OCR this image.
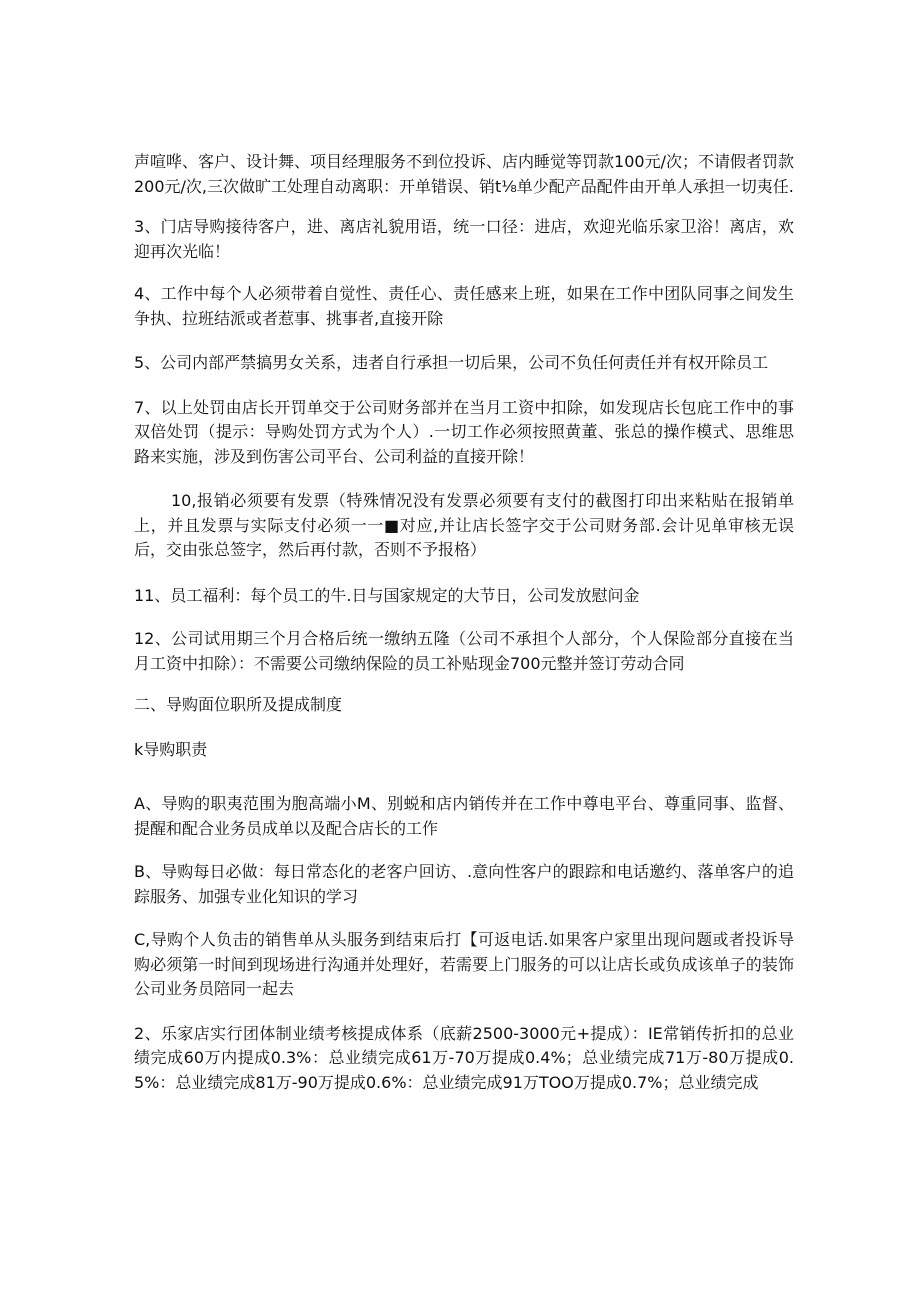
声喧哗、客户、设计舞、项目经理服务不到位投诉、店内睡觉等罚款100元/次；不请假者罚款200元/次,三次做旷工处理自动离职：开单错误、销t⅛单少配产品配件由开单人承担一切夷任.

3、门店导购接待客户，进、离店礼貌用语，统一口径：进店，欢迎光临乐家卫浴！离店，欢迎再次光临！

4、工作中每个人必须带着自觉性、责任心、责任感来上班，如果在工作中团队同事之间发生争执、拉班结派或者惹事、挑事者,直接开除

5、公司内部严禁搞男女关系，违者自行承担一切后果，公司不负任何责任并有权开除员工

7、以上处罚由店长开罚单交于公司财务部并在当月工资中扣除，如发现店长包庇工作中的事双倍处罚（提示：导购处罚方式为个人）.一切工作必须按照黄董、张总的操作模式、思维思路来实施，涉及到伤害公司平台、公司利益的直接开除！

10,报销必须要有发票（特殊情况没有发票必须要有支付的截图打印出来粘贴在报销单上，并且发票与实际支付必须一一■对应,并让店长签字交于公司财务部.会计见单审核无误后，交由张总签字，然后再付款，否则不予报格）

11、员工福利：每个员工的牛.日与国家规定的大节日，公司发放慰问金

12、公司试用期三个月合格后统一缴纳五隆（公司不承担个人部分，个人保险部分直接在当月工资中扣除）：不需要公司缴纳保险的员工补贴现金700元整并签订劳动合同

二、导购面位职所及提成制度

k导购职责

A、导购的职夷范围为胞高端小M、别蜕和店内销传并在工作中尊电平台、尊重同事、监督、提醒和配合业务员成单以及配合店长的工作

B、导购每日必做：每日常态化的老客户回访、.意向性客户的跟踪和电话邀约、落单客户的追踪服务、加强专业化知识的学习

C,导购个人负击的销售单从头服务到结束后打【可返电话.如果客户家里出现问题或者投诉导购必须第一时间到现场进行沟通并处理好，若需要上门服务的可以让店长或负成该单子的装饰公司业务员陪同一起去

2、乐家店实行团体制业绩考核提成体系（底薪2500-3000元+提成）：IE常销传折扣的总业绩完成60万内提成0.3%：总业绩完成61万-70万提成0.4%；总业绩完成71万-80万提成0.5%：总业绩完成81万-90万提成0.6%：总业绩完成91万TOO万提成0.7%；总业绩完成
